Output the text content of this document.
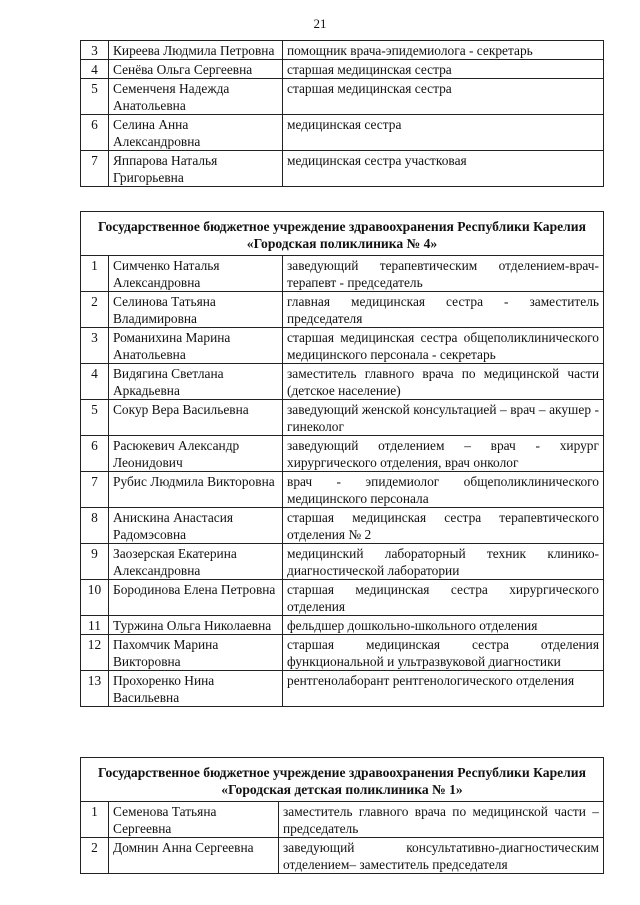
21
3	Киреева Людмила Петровна	помощник врача-эпидемиолога - секретарь
4	Сенёва Ольга Сергеевна	старшая медицинская сестра
5	Семенченя Надежда Анатольевна	старшая медицинская сестра
6	Селина Анна Александровна	медицинская сестра
7	Яппарова Наталья Григорьевна	медицинская сестра участковая
Государственное бюджетное учреждение здравоохранения Республики Карелия «Городская поликлиника № 4»		
1	Симченко Наталья Александровна	заведующий терапевтическим отделением-врач-терапевт - председатель
2	Селинова Татьяна Владимировна	главная медицинская сестра - заместитель председателя
3	Романихина Марина Анатольевна	старшая медицинская сестра общеполиклинического медицинского персонала - секретарь
4	Видягина Светлана Аркадьевна	заместитель главного врача по медицинской части (детское население)
5	Сокур Вера Васильевна	заведующий женской консультацией – врач – акушер - гинеколог
6	Расюкевич Александр Леонидович	заведующий отделением – врач - хирург хирургического отделения, врач онколог
7	Рубис Людмила Викторовна	врач - эпидемиолог общеполиклинического медицинского персонала
8	Анискина Анастасия Радомэсовна	старшая медицинская сестра терапевтического отделения № 2
9	Заозерская Екатерина Александровна	медицинский лабораторный техник клинико-диагностической лаборатории
10	Бородинова Елена Петровна	старшая медицинская сестра хирургического отделения
11	Туржина Ольга Николаевна	фельдшер дошкольно-школьного отделения
12	Пахомчик Марина Викторовна	старшая медицинская сестра отделения функциональной и ультразвуковой диагностики
13	Прохоренко Нина Васильевна	рентгенолаборант рентгенологического отделения
Государственное бюджетное учреждение здравоохранения Республики Карелия «Городская детская поликлиника № 1»		
1	Семенова Татьяна Сергеевна	заместитель главного врача по медицинской части – председатель
2	Домнин Анна Сергеевна	заведующий консультативно-диагностическим отделением– заместитель председателя
